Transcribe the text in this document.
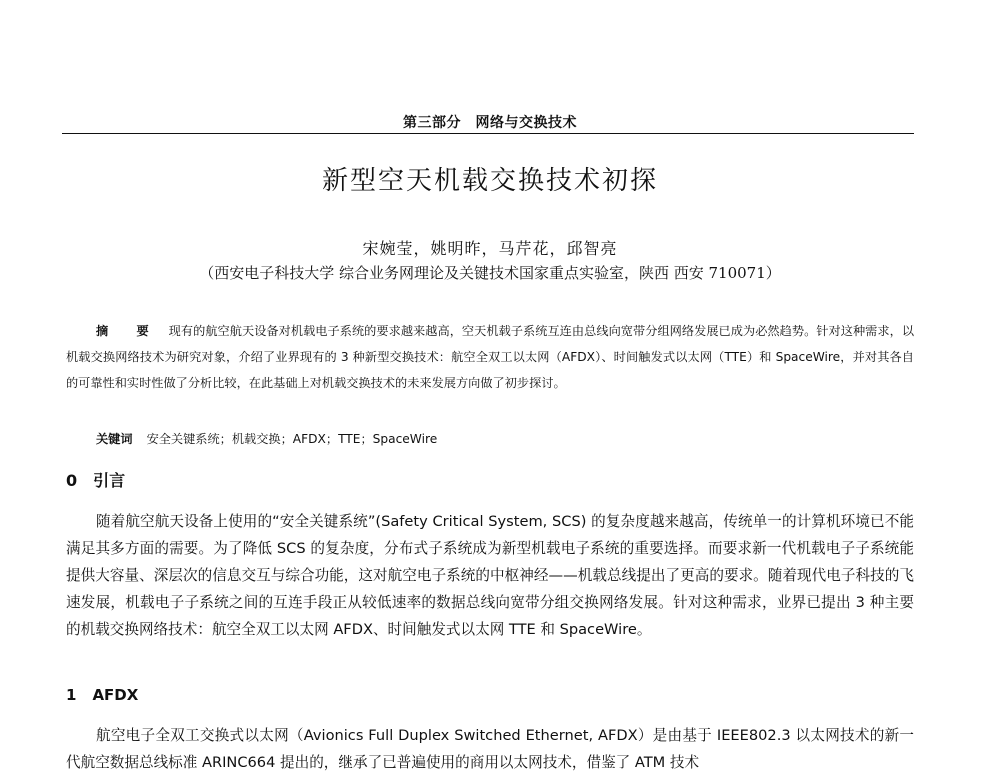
第三部分　网络与交换技术
新型空天机载交换技术初探
宋婉莹，姚明昨，马芹花，邱智亮
（西安电子科技大学 综合业务网理论及关键技术国家重点实验室，陕西 西安 710071）
摘　要 现有的航空航天设备对机载电子系统的要求越来越高，空天机载子系统互连由总线向宽带分组网络发展已成为必然趋势。针对这种需求，以机载交换网络技术为研究对象，介绍了业界现有的 3 种新型交换技术：航空全双工以太网（AFDX）、时间触发式以太网（TTE）和 SpaceWire，并对其各自的可靠性和实时性做了分析比较，在此基础上对机载交换技术的未来发展方向做了初步探讨。
关键词 安全关键系统；机载交换；AFDX；TTE；SpaceWire
0 引言
随着航空航天设备上使用的“安全关键系统”(Safety Critical System, SCS) 的复杂度越来越高，传统单一的计算机环境已不能满足其多方面的需要。为了降低 SCS 的复杂度，分布式子系统成为新型机载电子系统的重要选择。而要求新一代机载电子子系统能提供大容量、深层次的信息交互与综合功能，这对航空电子系统的中枢神经——机载总线提出了更高的要求。随着现代电子科技的飞速发展，机载电子子系统之间的互连手段正从较低速率的数据总线向宽带分组交换网络发展。针对这种需求，业界已提出 3 种主要的机载交换网络技术：航空全双工以太网 AFDX、时间触发式以太网 TTE 和 SpaceWire。
1 AFDX
航空电子全双工交换式以太网（Avionics Full Duplex Switched Ethernet, AFDX）是由基于 IEEE802.3 以太网技术的新一代航空数据总线标准 ARINC664 提出的，继承了已普遍使用的商用以太网技术，借鉴了 ATM 技术
